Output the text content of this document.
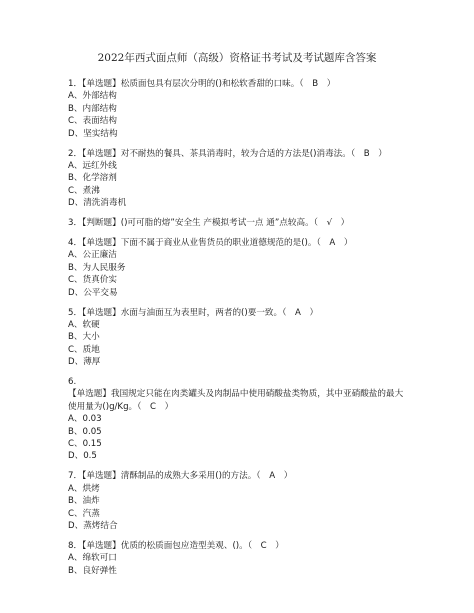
2022年西式面点师（高级）资格证书考试及考试题库含答案
1．【单选题】松质面包具有层次分明的()和松软香甜的口味。（　B　）
A、外部结构
B、内部结构
C、表面结构
D、坚实结构
2．【单选题】对不耐热的餐具、茶具消毒时，较为合适的方法是()消毒法。（　B　）
A、远红外线
B、化学溶剂
C、煮沸
D、清洗消毒机
3．【判断题】()可可脂的熔”安全生 产模拟考试一点 通”点较高。（　√　）
4．【单选题】下面不属于商业从业售货员的职业道德规范的是()。（　A　）
A、公正廉洁
B、为人民服务
C、货真价实
D、公平交易
5．【单选题】水面与油面互为表里时，两者的()要一致。（　A　）
A、软硬
B、大小
C、质地
D、薄厚
6.
【单选题】我国规定只能在肉类罐头及肉制品中使用硝酸盐类物质，其中亚硝酸盐的最大
使用量为()g/Kg。（　C　）
A、0.03
B、0.05
C、0.15
D、0.5
7．【单选题】清酥制品的成熟大多采用()的方法。（　A　）
A、烘烤
B、油炸
C、汽蒸
D、蒸烤结合
8．【单选题】优质的松质面包应造型美观、()。（　C　）
A、绵软可口
B、良好弹性
